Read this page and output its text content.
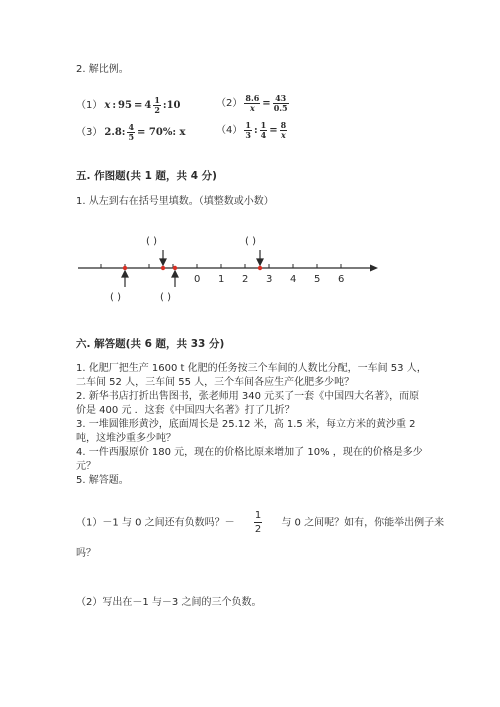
2. 解比例。
（1） x : $95 = 4 \frac{1}{2}$ :10	$(2) \frac{8.6}{x} = \frac{43}{0.5}$
（3） 2.8: $\frac{4}{5} = 70\%$: x	$(4) \frac{1}{3}$ : $\frac{1}{4} = \frac{8}{x}$
五. 作图题(共 1 题，共 4 分)
1. 从左到右在括号里填数。（填整数或小数）
0 1 2 3 4 5 6
( )	( )
( )	( )
六. 解答题(共 6 题，共 33 分)
1. 化肥厂把生产 1600 t 化肥的任务按三个车间的人数比分配，一车间 53 人，
二车间 52 人，三车间 55 人，三个车间各应生产化肥多少吨？
2. 新华书店打折出售图书，张老师用 340 元买了一套《中国四大名著》，而原
价是 400 元 ．这套《中国四大名著》打了几折？
3. 一堆圆锥形黄沙，底面周长是 25.12 米，高 1.5 米，每立方米的黄沙重 2
吨，这堆沙重多少吨？
4. 一件西服原价 180 元，现在的价格比原来增加了 10% ，现在的价格是多少
元？
5. 解答题。
（1）－1 与 0 之间还有负数吗？－ $\frac{1}{2}$ 与 0 之间呢？如有，你能举出例子来
吗？
（2）写出在－1 与－3 之间的三个负数。
